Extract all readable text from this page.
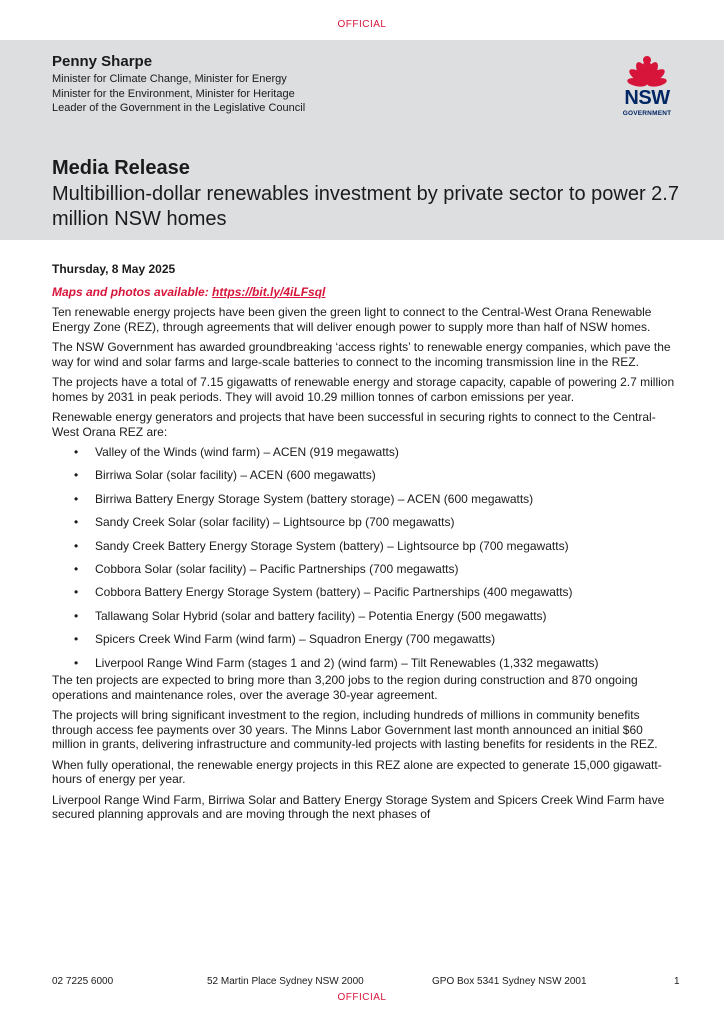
OFFICIAL
Penny Sharpe
Minister for Climate Change, Minister for Energy
Minister for the Environment, Minister for Heritage
Leader of the Government in the Legislative Council	NSW
GOVERNMENT
Media Release
Multibillion-dollar renewables investment by private sector to power 2.7 million NSW homes
Thursday, 8 May 2025
Maps and photos available: https://bit.ly/4iLFsql

Ten renewable energy projects have been given the green light to connect to the Central-West Orana Renewable Energy Zone (REZ), through agreements that will deliver enough power to supply more than half of NSW homes.

The NSW Government has awarded groundbreaking ‘access rights’ to renewable energy companies, which pave the way for wind and solar farms and large-scale batteries to connect to the incoming transmission line in the REZ.

The projects have a total of 7.15 gigawatts of renewable energy and storage capacity, capable of powering 2.7 million homes by 2031 in peak periods. They will avoid 10.29 million tonnes of carbon emissions per year.

Renewable energy generators and projects that have been successful in securing rights to connect to the Central-West Orana REZ are:

• Valley of the Winds (wind farm) – ACEN (919 megawatts)
• Birriwa Solar (solar facility) – ACEN (600 megawatts)
• Birriwa Battery Energy Storage System (battery storage) – ACEN (600 megawatts)
• Sandy Creek Solar (solar facility) – Lightsource bp (700 megawatts)
• Sandy Creek Battery Energy Storage System (battery) – Lightsource bp (700 megawatts)
• Cobbora Solar (solar facility) – Pacific Partnerships (700 megawatts)
• Cobbora Battery Energy Storage System (battery) – Pacific Partnerships (400 megawatts)
• Tallawang Solar Hybrid (solar and battery facility) – Potentia Energy (500 megawatts)
• Spicers Creek Wind Farm (wind farm) – Squadron Energy (700 megawatts)
• Liverpool Range Wind Farm (stages 1 and 2) (wind farm) – Tilt Renewables (1,332 megawatts)

The ten projects are expected to bring more than 3,200 jobs to the region during construction and 870 ongoing operations and maintenance roles, over the average 30-year agreement.

The projects will bring significant investment to the region, including hundreds of millions in community benefits through access fee payments over 30 years. The Minns Labor Government last month announced an initial $60 million in grants, delivering infrastructure and community-led projects with lasting benefits for residents in the REZ.

When fully operational, the renewable energy projects in this REZ alone are expected to generate 15,000 gigawatt-hours of energy per year.

Liverpool Range Wind Farm, Birriwa Solar and Battery Energy Storage System and Spicers Creek Wind Farm have secured planning approvals and are moving through the next phases of

02 7225 6000	52 Martin Place Sydney NSW 2000	GPO Box 5341 Sydney NSW 2001	1
OFFICIAL
